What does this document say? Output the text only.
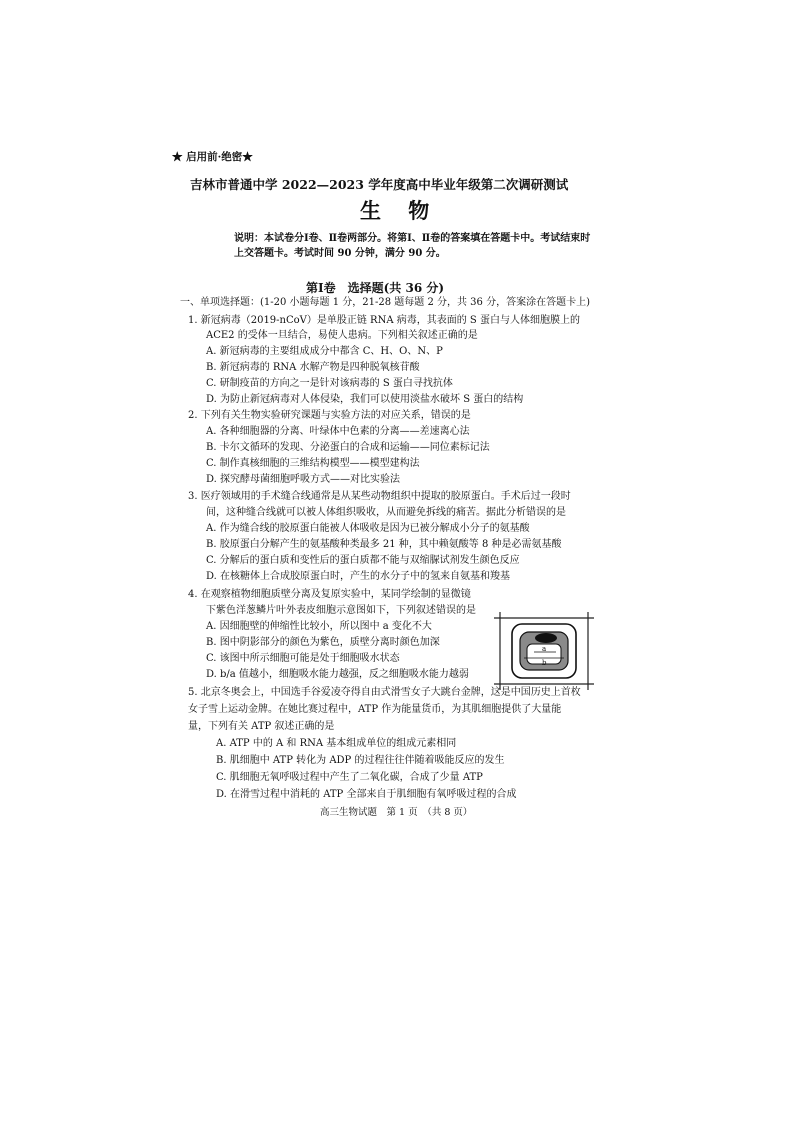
★ 启用前·绝密★

吉林市普通中学 2022—2023 学年度高中毕业年级第二次调研测试

生 物

说明：本试卷分Ⅰ卷、Ⅱ卷两部分。将第Ⅰ、Ⅱ卷的答案填在答题卡中。考试结束时

上交答题卡。考试时间 90 分钟，满分 90 分。

第Ⅰ卷　选择题(共 36 分)

一、单项选择题：(1-20 小题每题 1 分，21-28 题每题 2 分，共 36 分，答案涂在答题卡上)

1. 新冠病毒（2019-nCoV）是单股正链 RNA 病毒，其表面的 S 蛋白与人体细胞膜上的

ACE2 的受体一旦结合，易使人患病。下列相关叙述正确的是

A. 新冠病毒的主要组成成分中都含 C、H、O、N、P

B. 新冠病毒的 RNA 水解产物是四种脱氧核苷酸

C. 研制疫苗的方向之一是针对该病毒的 S 蛋白寻找抗体

D. 为防止新冠病毒对人体侵染，我们可以使用淡盐水破坏 S 蛋白的结构

2. 下列有关生物实验研究课题与实验方法的对应关系，错误的是

A. 各种细胞器的分离、叶绿体中色素的分离——差速离心法

B. 卡尔文循环的发现、分泌蛋白的合成和运输——同位素标记法

C. 制作真核细胞的三维结构模型——模型建构法

D. 探究酵母菌细胞呼吸方式——对比实验法

3. 医疗领域用的手术缝合线通常是从某些动物组织中提取的胶原蛋白。手术后过一段时

间，这种缝合线就可以被人体组织吸收，从而避免拆线的痛苦。据此分析错误的是

A. 作为缝合线的胶原蛋白能被人体吸收是因为已被分解成小分子的氨基酸

B. 胶原蛋白分解产生的氨基酸种类最多 21 种，其中赖氨酸等 8 种是必需氨基酸

C. 分解后的蛋白质和变性后的蛋白质都不能与双缩脲试剂发生颜色反应

D. 在核糖体上合成胶原蛋白时，产生的水分子中的氢来自氨基和羧基

4. 在观察植物细胞质壁分离及复原实验中，某同学绘制的显微镜

下紫色洋葱鳞片叶外表皮细胞示意图如下，下列叙述错误的是

A. 因细胞壁的伸缩性比较小，所以图中 a 变化不大

B. 图中阴影部分的颜色为紫色，质壁分离时颜色加深

C. 该图中所示细胞可能是处于细胞吸水状态

D. b/a 值越小，细胞吸水能力越强，反之细胞吸水能力越弱

a
b

5. 北京冬奥会上，中国选手谷爱凌夺得自由式滑雪女子大跳台金牌，这是中国历史上首枚

女子雪上运动金牌。在她比赛过程中，ATP 作为能量货币，为其肌细胞提供了大量能

量，下列有关 ATP 叙述正确的是

A. ATP 中的 A 和 RNA 基本组成单位的组成元素相同

B. 肌细胞中 ATP 转化为 ADP 的过程往往伴随着吸能反应的发生

C. 肌细胞无氧呼吸过程中产生了二氧化碳，合成了少量 ATP

D. 在滑雪过程中消耗的 ATP 全部来自于肌细胞有氧呼吸过程的合成

高三生物试题　第 1 页　（共 8 页）
